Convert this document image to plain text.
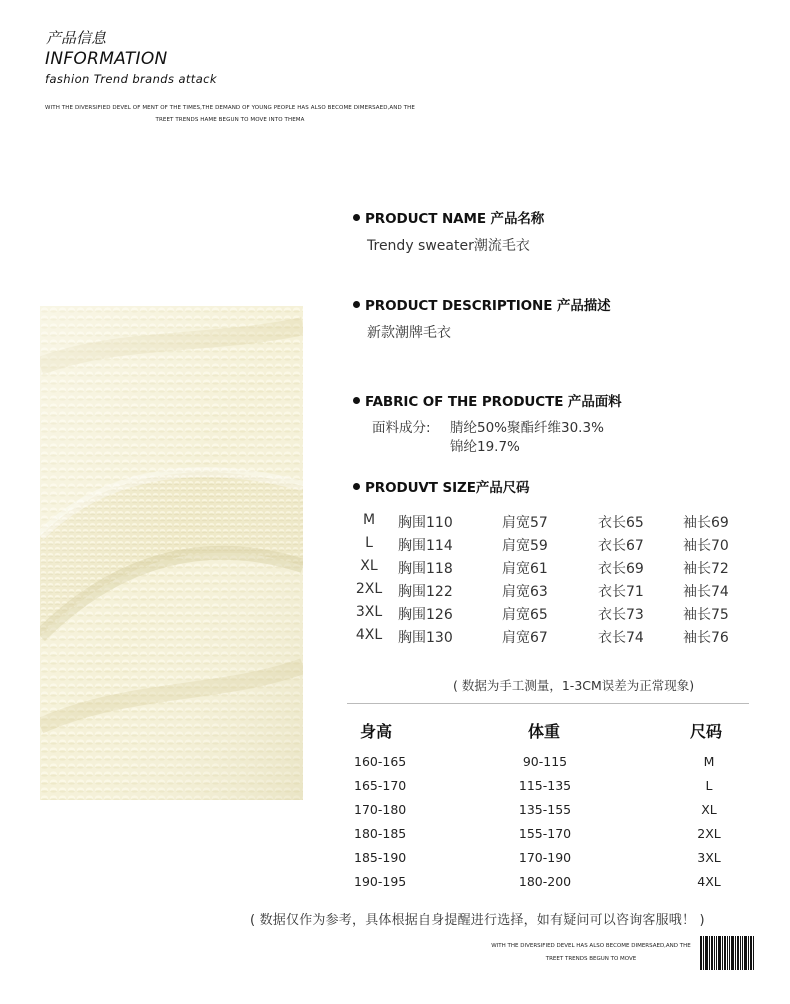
产品信息
INFORMATION
fashion Trend brands attack
WITH THE DIVERSIFIED DEVEL OF MENT OF THE TIMES,THE DEMAND OF YOUNG PEOPLE HAS ALSO BECOME DIMERSAED,AND THE
TREET TRENDS HAME BEGUN TO MOVE INTO THEMA
PRODUCT NAME 产品名称
Trendy sweater潮流毛衣
PRODUCT DESCRIPTIONE 产品描述
新款潮牌毛衣
FABRIC OF THE PRODUCTE 产品面料
面料成分: 腈纶50%聚酯纤维30.3%
锦纶19.7%
PRODUVT SIZE产品尺码
M	胸围110	肩宽57	衣长65	袖长69
L	胸围114	肩宽59	衣长67	袖长70
XL	胸围118	肩宽61	衣长69	袖长72
2XL 胸围122	肩宽63	衣长71	袖长74
3XL 胸围126	肩宽65	衣长73	袖长75
4XL 胸围130	肩宽67	衣长74	袖长76
( 数据为手工测量，1-3CM误差为正常现象)
身高	体重	尺码
160-165	90-115	M
165-170	115-135	L
170-180	135-155	XL
180-185	155-170	2XL
185-190	170-190	3XL
190-195	180-200	4XL
( 数据仅作为参考，具体根据自身提醒进行选择，如有疑问可以咨询客服哦！ )
WITH THE DIVERSIFIED DEVEL HAS ALSO BECOME DIMERSAED,AND THE
TREET TRENDS BEGUN TO MOVE
